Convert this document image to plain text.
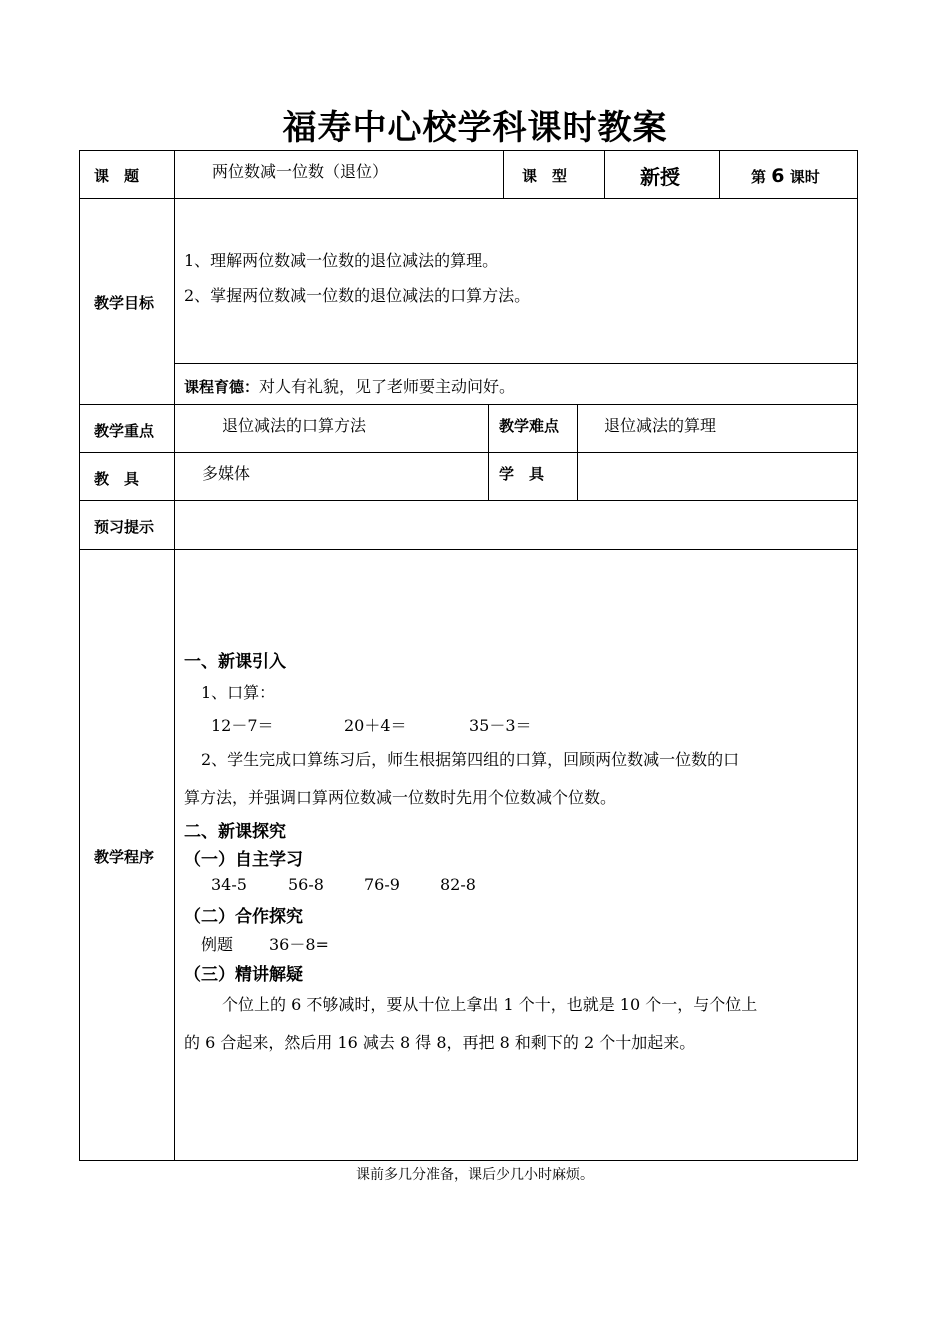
福寿中心校学科课时教案
课　题	两位数减一位数（退位）	课　型	新授	第 6 课时
教学目标
1、理解两位数减一位数的退位减法的算理。
2、掌握两位数减一位数的退位减法的口算方法。
课程育德：对人有礼貌，见了老师要主动问好。
教学重点	退位减法的口算方法	教学难点	退位减法的算理
教　具	多媒体	学　具
预习提示
教学程序
一、新课引入
1、口算：
12－7＝	20＋4＝	35－3＝
2、学生完成口算练习后，师生根据第四组的口算，回顾两位数减一位数的口
算方法，并强调口算两位数减一位数时先用个位数减个位数。
二、新课探究
（一）自主学习
34-5	56-8	76-9	82-8
（二）合作探究
例题 36－8=
（三）精讲解疑
个位上的 6 不够减时，要从十位上拿出 1 个十，也就是 10 个一，与个位上
的 6 合起来，然后用 16 减去 8 得 8，再把 8 和剩下的 2 个十加起来。
课前多几分准备，课后少几小时麻烦。
